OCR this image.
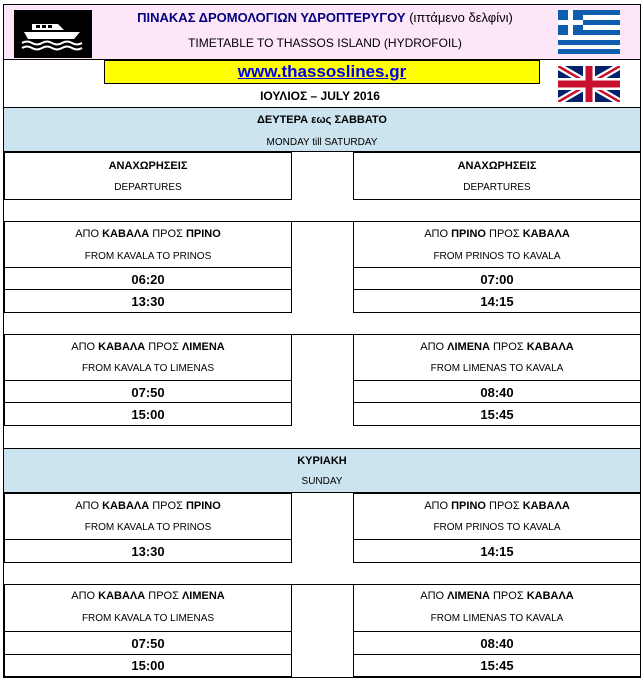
ΠΙΝΑΚΑΣ ΔΡΟΜΟΛΟΓΙΩΝ ΥΔΡΟΠΤΕΡΥΓΟΥ (ιπτάμενο δελφίνι)
TIMETABLE TO THASSOS ISLAND (HYDROFOIL)
www.thassoslines.gr
ΙΟΥΛΙΟΣ – JULY 2016
ΔΕΥΤΕΡΑ εως ΣΑΒΒΑΤΟ
MONDAY till SATURDAY
ΑΝΑΧΩΡΗΣΕΙΣ
DEPARTURES
ΑΝΑΧΩΡΗΣΕΙΣ
DEPARTURES
ΑΠΟ ΚΑΒΑΛΑ ΠΡΟΣ ΠΡΙΝΟ
FROM KAVALA TO PRINOS
06:20
13:30
ΑΠΟ ΠΡΙΝΟ ΠΡΟΣ ΚΑΒΑΛΑ
FROM PRINOS TO KAVALA
07:00
14:15
ΑΠΟ ΚΑΒΑΛΑ ΠΡΟΣ ΛΙΜΕΝΑ
FROM KAVALA TO LIMENAS
07:50
15:00
ΑΠΟ ΛΙΜΕΝΑ ΠΡΟΣ ΚΑΒΑΛΑ
FROM LIMENAS TO KAVALA
08:40
15:45
ΚΥΡΙΑΚΗ
SUNDAY
ΑΠΟ ΚΑΒΑΛΑ ΠΡΟΣ ΠΡΙΝΟ
FROM KAVALA TO PRINOS
13:30
ΑΠΟ ΠΡΙΝΟ ΠΡΟΣ ΚΑΒΑΛΑ
FROM PRINOS TO KAVALA
14:15
ΑΠΟ ΚΑΒΑΛΑ ΠΡΟΣ ΛΙΜΕΝΑ
FROM KAVALA TO LIMENAS
07:50
15:00
ΑΠΟ ΛΙΜΕΝΑ ΠΡΟΣ ΚΑΒΑΛΑ
FROM LIMENAS TO KAVALA
08:40
15:45
